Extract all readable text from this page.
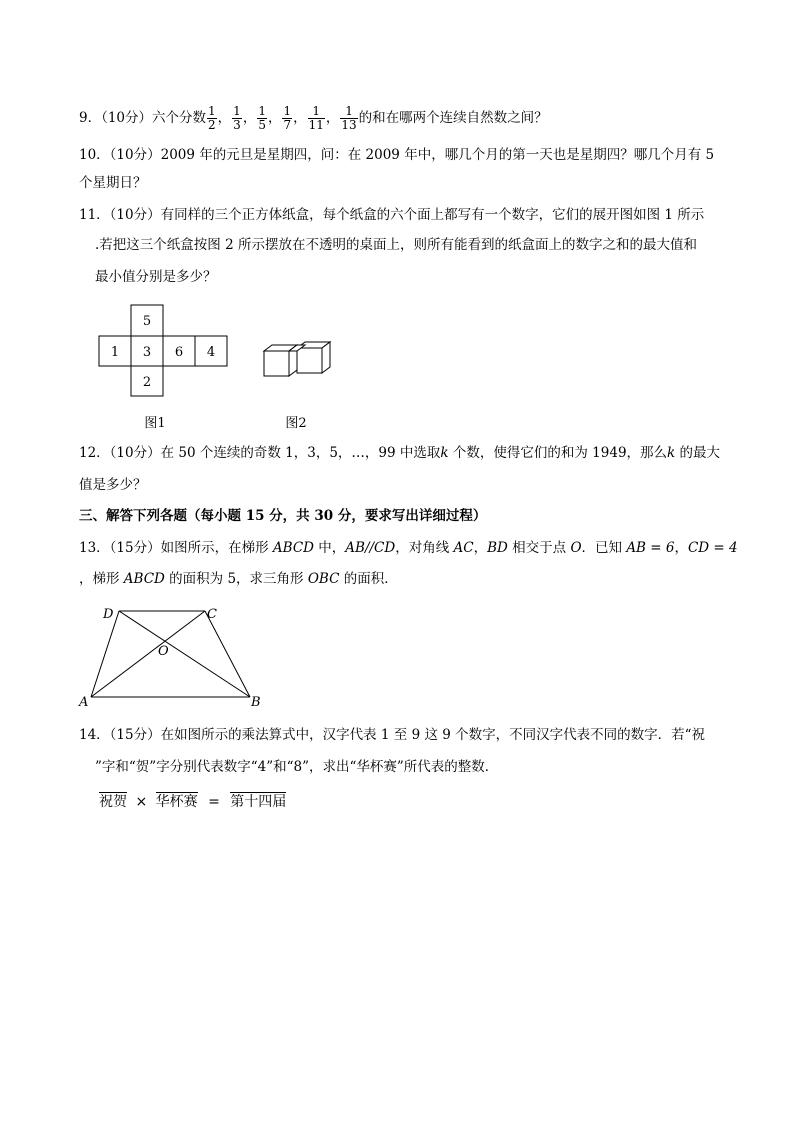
9．（10分）六个分数 $\frac{1}{2}$ ， $\frac{1}{3}$ ， $\frac{1}{5}$ ， $\frac{1}{7}$ ， $\frac{1}{11}$ ， $\frac{1}{13}$ 的和在哪两个连续自然数之间？
10．（10分）2009 年的元旦是星期四，问：在 2009 年中，哪几个月的第一天也是星期四？哪几个月有 5
个星期日？
11．（10分）有同样的三个正方体纸盒，每个纸盒的六个面上都写有一个数字，它们的展开图如图 1 所示
.若把这三个纸盒按图 2 所示摆放在不透明的桌面上，则所有能看到的纸盒面上的数字之和的最大值和
最小值分别是多少？
5
1 3 6 4
2
图1	图2
12．（10分）在 50 个连续的奇数 1，3，5，…，99 中选取k 个数，使得它们的和为 1949，那么k 的最大
值是多少？
三、解答下列各题（每小题 15 分，共 30 分，要求写出详细过程）
13．（15分）如图所示，在梯形 ABCD 中，AB//CD，对角线 AC，BD 相交于点 O．已知 AB = 6，CD = 4
，梯形 ABCD 的面积为 5，求三角形 OBC 的面积．
D	C
O
A	B
14．（15分）在如图所示的乘法算式中，汉字代表 1 至 9 这 9 个数字，不同汉字代表不同的数字．若“祝
”字和“贺”字分别代表数字“4”和“8”，求出“华杯赛”所代表的整数．
祝贺 × 华杯赛 = 第十四届
